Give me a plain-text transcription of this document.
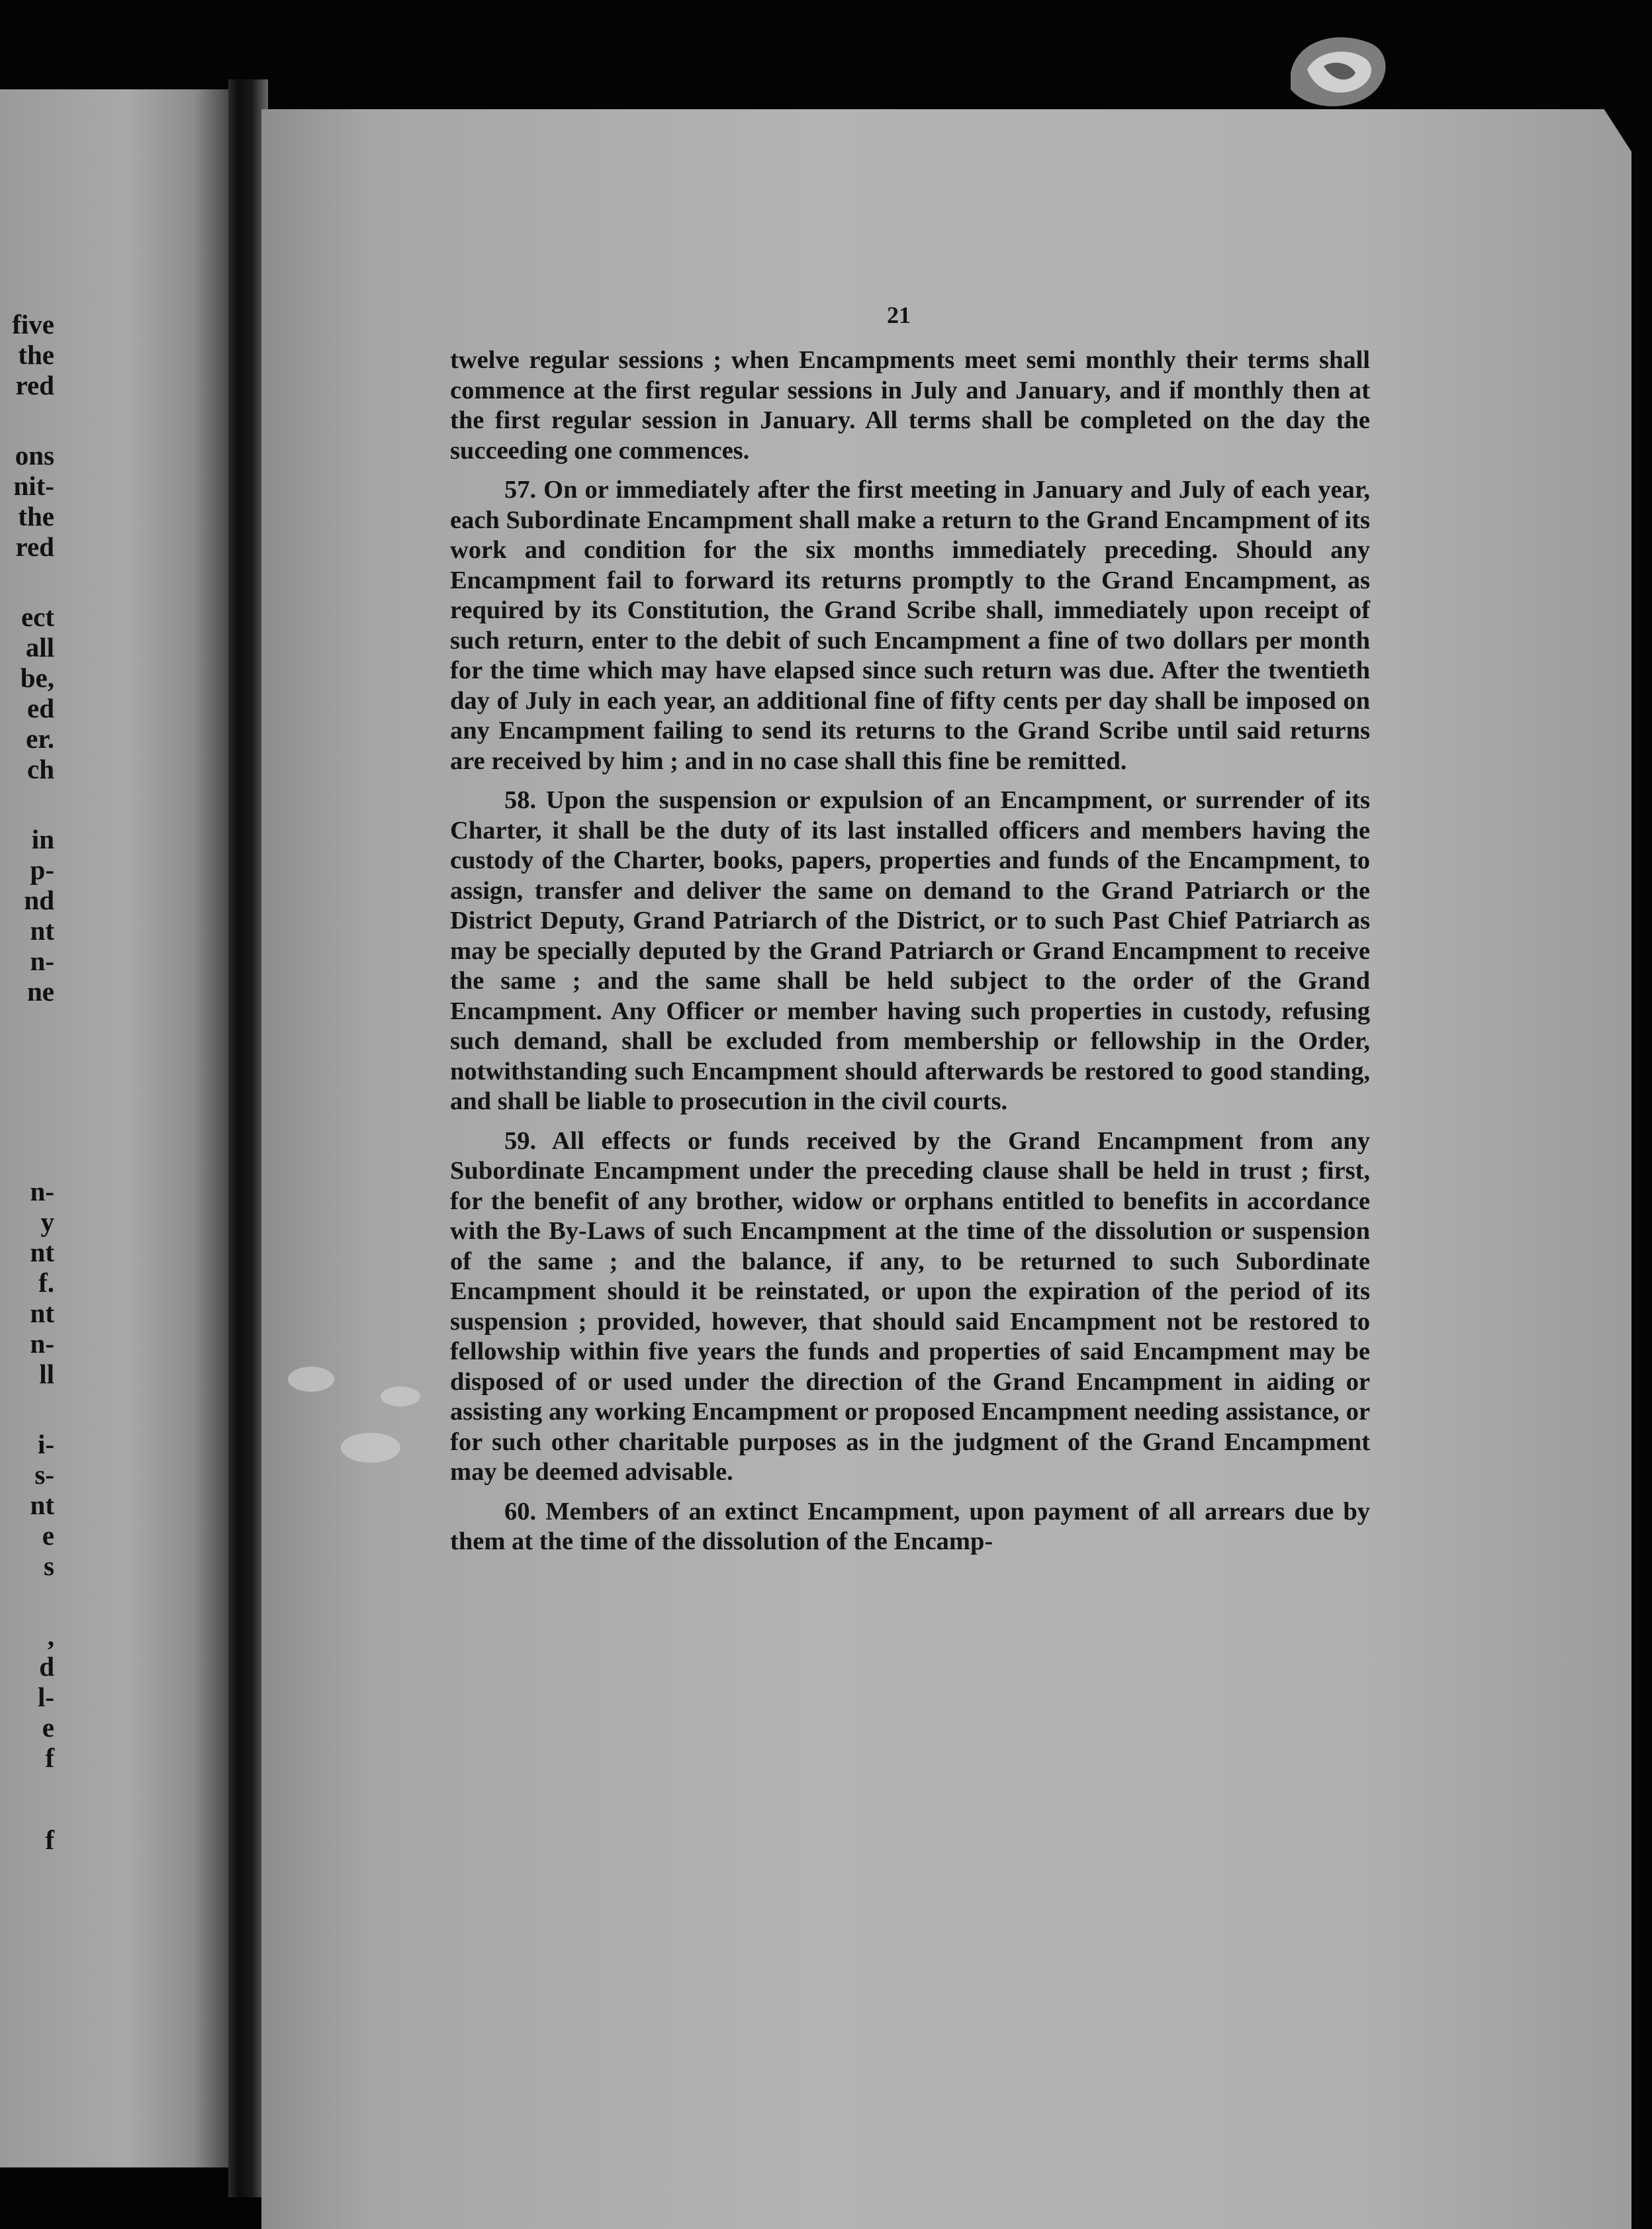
five
the
red
ons
nit-
the
red
ect
all
be,
ed
er.
ch
in
p-
nd
nt
n-
ne
n-
y
nt
f.
nt
n-
ll
i-
s-
nt
e
s
,
d
l-
e
f
f
21

twelve regular sessions ; when Encampments meet semi monthly their terms shall commence at the first regular sessions in July and January, and if monthly then at the first regular session in January. All terms shall be completed on the day the succeeding one commences.

57. On or immediately after the first meeting in January and July of each year, each Subordinate Encampment shall make a return to the Grand Encampment of its work and condition for the six months immediately preceding. Should any Encampment fail to forward its returns promptly to the Grand Encampment, as required by its Constitution, the Grand Scribe shall, immediately upon receipt of such return, enter to the debit of such Encampment a fine of two dollars per month for the time which may have elapsed since such return was due. After the twentieth day of July in each year, an additional fine of fifty cents per day shall be imposed on any Encampment failing to send its returns to the Grand Scribe until said returns are received by him ; and in no case shall this fine be remitted.

58. Upon the suspension or expulsion of an Encampment, or surrender of its Charter, it shall be the duty of its last installed officers and members having the custody of the Charter, books, papers, properties and funds of the Encampment, to assign, transfer and deliver the same on demand to the Grand Patriarch or the District Deputy, Grand Patriarch of the District, or to such Past Chief Patriarch as may be specially deputed by the Grand Patriarch or Grand Encampment to receive the same ; and the same shall be held subject to the order of the Grand Encampment. Any Officer or member having such properties in custody, refusing such demand, shall be excluded from membership or fellowship in the Order, notwithstanding such Encampment should afterwards be restored to good standing, and shall be liable to prosecution in the civil courts.

59. All effects or funds received by the Grand Encampment from any Subordinate Encampment under the preceding clause shall be held in trust ; first, for the benefit of any brother, widow or orphans entitled to benefits in accordance with the By-Laws of such Encampment at the time of the dissolution or suspension of the same ; and the balance, if any, to be returned to such Subordinate Encampment should it be reinstated, or upon the expiration of the period of its suspension ; provided, however, that should said Encampment not be restored to fellowship within five years the funds and properties of said Encampment may be disposed of or used under the direction of the Grand Encampment in aiding or assisting any working Encampment or proposed Encampment needing assistance, or for such other charitable purposes as in the judgment of the Grand Encampment may be deemed advisable.

60. Members of an extinct Encampment, upon payment of all arrears due by them at the time of the dissolution of the Encamp-
